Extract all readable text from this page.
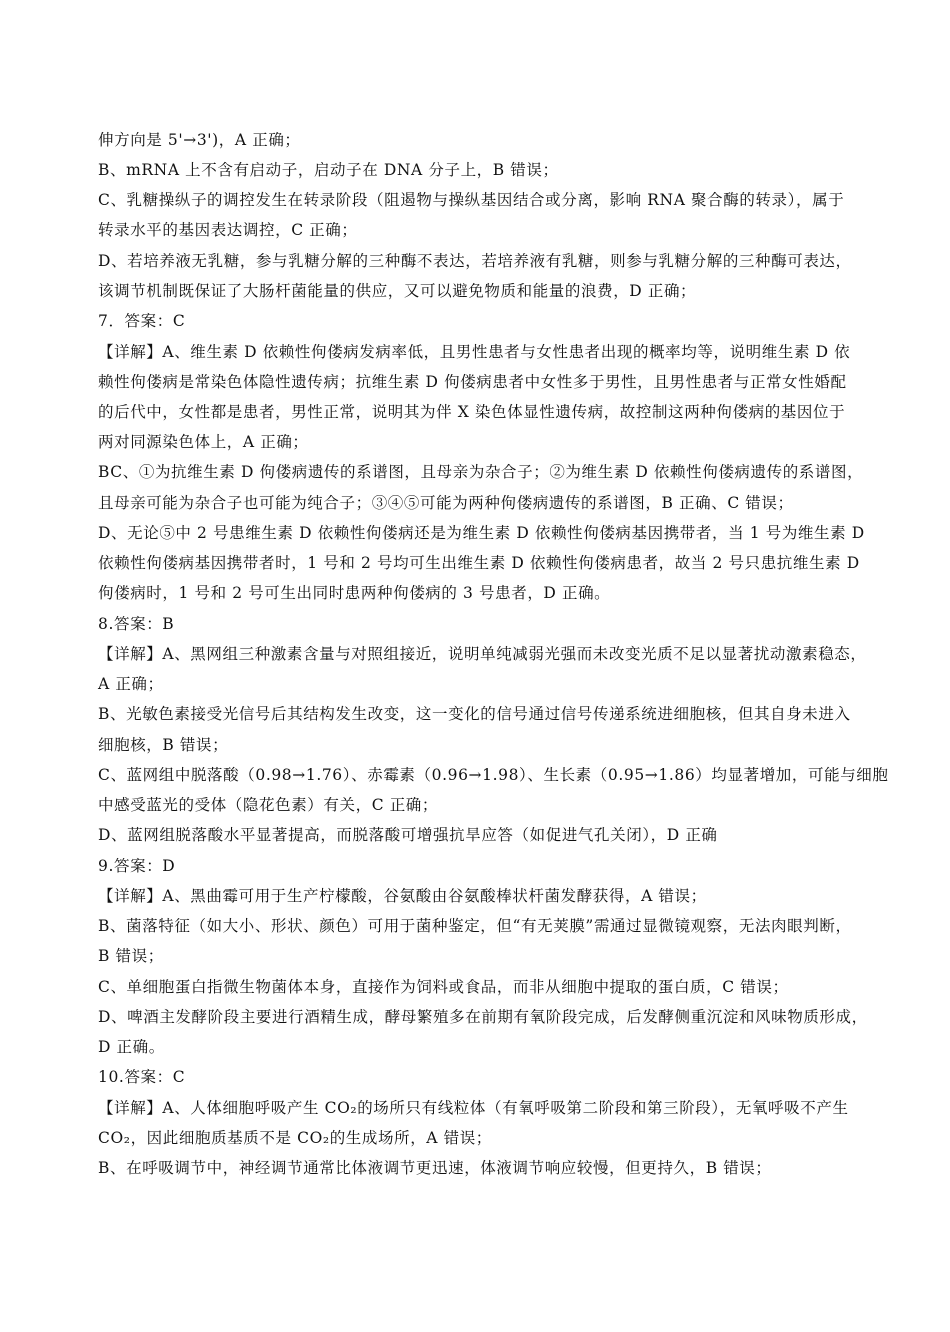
伸方向是 5'→3')，A 正确；
B、mRNA 上不含有启动子，启动子在 DNA 分子上，B 错误；
C、乳糖操纵子的调控发生在转录阶段（阻遏物与操纵基因结合或分离，影响 RNA 聚合酶的转录），属于
转录水平的基因表达调控，C 正确；
D、若培养液无乳糖，参与乳糖分解的三种酶不表达，若培养液有乳糖，则参与乳糖分解的三种酶可表达，
该调节机制既保证了大肠杆菌能量的供应，又可以避免物质和能量的浪费，D 正确；
7．答案：C
【详解】A、维生素 D 依赖性佝偻病发病率低，且男性患者与女性患者出现的概率均等，说明维生素 D 依
赖性佝偻病是常染色体隐性遗传病；抗维生素 D 佝偻病患者中女性多于男性，且男性患者与正常女性婚配
的后代中，女性都是患者，男性正常，说明其为伴 X 染色体显性遗传病，故控制这两种佝偻病的基因位于
两对同源染色体上，A 正确；
BC、①为抗维生素 D 佝偻病遗传的系谱图，且母亲为杂合子；②为维生素 D 依赖性佝偻病遗传的系谱图，
且母亲可能为杂合子也可能为纯合子；③④⑤可能为两种佝偻病遗传的系谱图，B 正确、C 错误；
D、无论⑤中 2 号患维生素 D 依赖性佝偻病还是为维生素 D 依赖性佝偻病基因携带者，当 1 号为维生素 D
依赖性佝偻病基因携带者时，1 号和 2 号均可生出维生素 D 依赖性佝偻病患者，故当 2 号只患抗维生素 D
佝偻病时，1 号和 2 号可生出同时患两种佝偻病的 3 号患者，D 正确。
8.答案：B
【详解】A、黑网组三种激素含量与对照组接近，说明单纯减弱光强而未改变光质不足以显著扰动激素稳态，
A 正确；
B、光敏色素接受光信号后其结构发生改变，这一变化的信号通过信号传递系统进细胞核，但其自身未进入
细胞核，B 错误；
C、蓝网组中脱落酸（0.98→1.76）、赤霉素（0.96→1.98）、生长素（0.95→1.86）均显著增加，可能与细胞
中感受蓝光的受体（隐花色素）有关，C 正确；
D、蓝网组脱落酸水平显著提高，而脱落酸可增强抗旱应答（如促进气孔关闭），D 正确
9.答案：D
【详解】A、黑曲霉可用于生产柠檬酸，谷氨酸由谷氨酸棒状杆菌发酵获得，A 错误；
B、菌落特征（如大小、形状、颜色）可用于菌种鉴定，但“有无荚膜”需通过显微镜观察，无法肉眼判断，
B 错误；
C、单细胞蛋白指微生物菌体本身，直接作为饲料或食品，而非从细胞中提取的蛋白质，C 错误；
D、啤酒主发酵阶段主要进行酒精生成，酵母繁殖多在前期有氧阶段完成，后发酵侧重沉淀和风味物质形成，
D 正确。
10.答案：C
【详解】A、人体细胞呼吸产生 CO₂的场所只有线粒体（有氧呼吸第二阶段和第三阶段），无氧呼吸不产生
CO₂，因此细胞质基质不是 CO₂的生成场所，A 错误；
B、在呼吸调节中，神经调节通常比体液调节更迅速，体液调节响应较慢，但更持久，B 错误；
